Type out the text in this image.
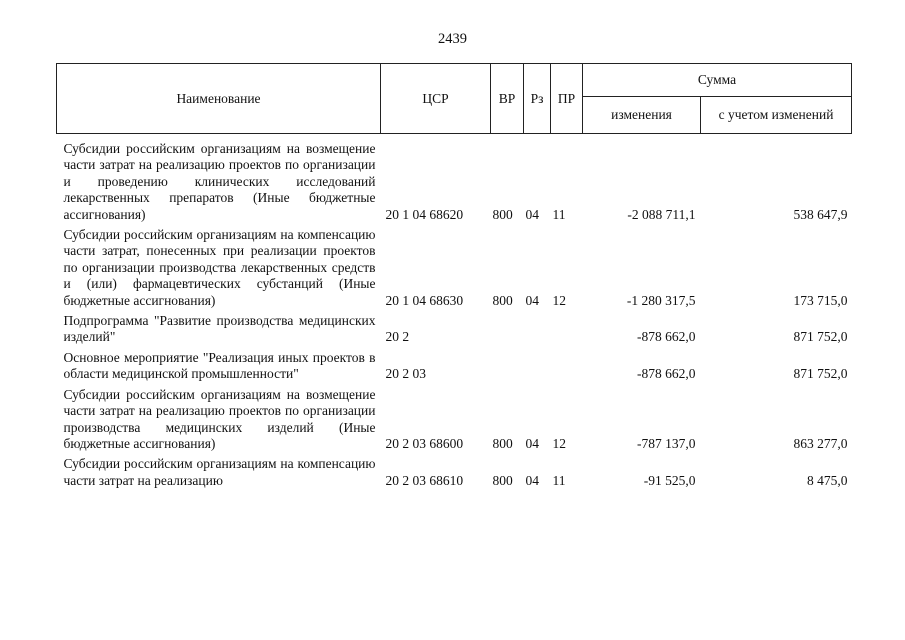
2439
Наименование	ЦСР	ВР	Рз	ПР	Сумма	
					изменения	с учетом изменений
Субсидии российским организациям на возмещение части затрат на реализацию проектов по организации и проведению клинических исследований лекарственных препаратов (Иные бюджетные ассигнования)	20 1 04 68620	800	04	11	-2 088 711,1	538 647,9
Субсидии российским организациям на компенсацию части затрат, понесенных при реализации проектов по организации производства лекарственных средств и (или) фармацевтических субстанций (Иные бюджетные ассигнования)	20 1 04 68630	800	04	12	-1 280 317,5	173 715,0
Подпрограмма "Развитие производства медицинских изделий"	20 2				-878 662,0	871 752,0
Основное мероприятие "Реализация иных проектов в области медицинской промышленности"	20 2 03				-878 662,0	871 752,0
Субсидии российским организациям на возмещение части затрат на реализацию проектов по организации производства медицинских изделий (Иные бюджетные ассигнования)	20 2 03 68600	800	04	12	-787 137,0	863 277,0
Субсидии российским организациям на компенсацию части затрат на реализацию	20 2 03 68610	800	04	11	-91 525,0	8 475,0
